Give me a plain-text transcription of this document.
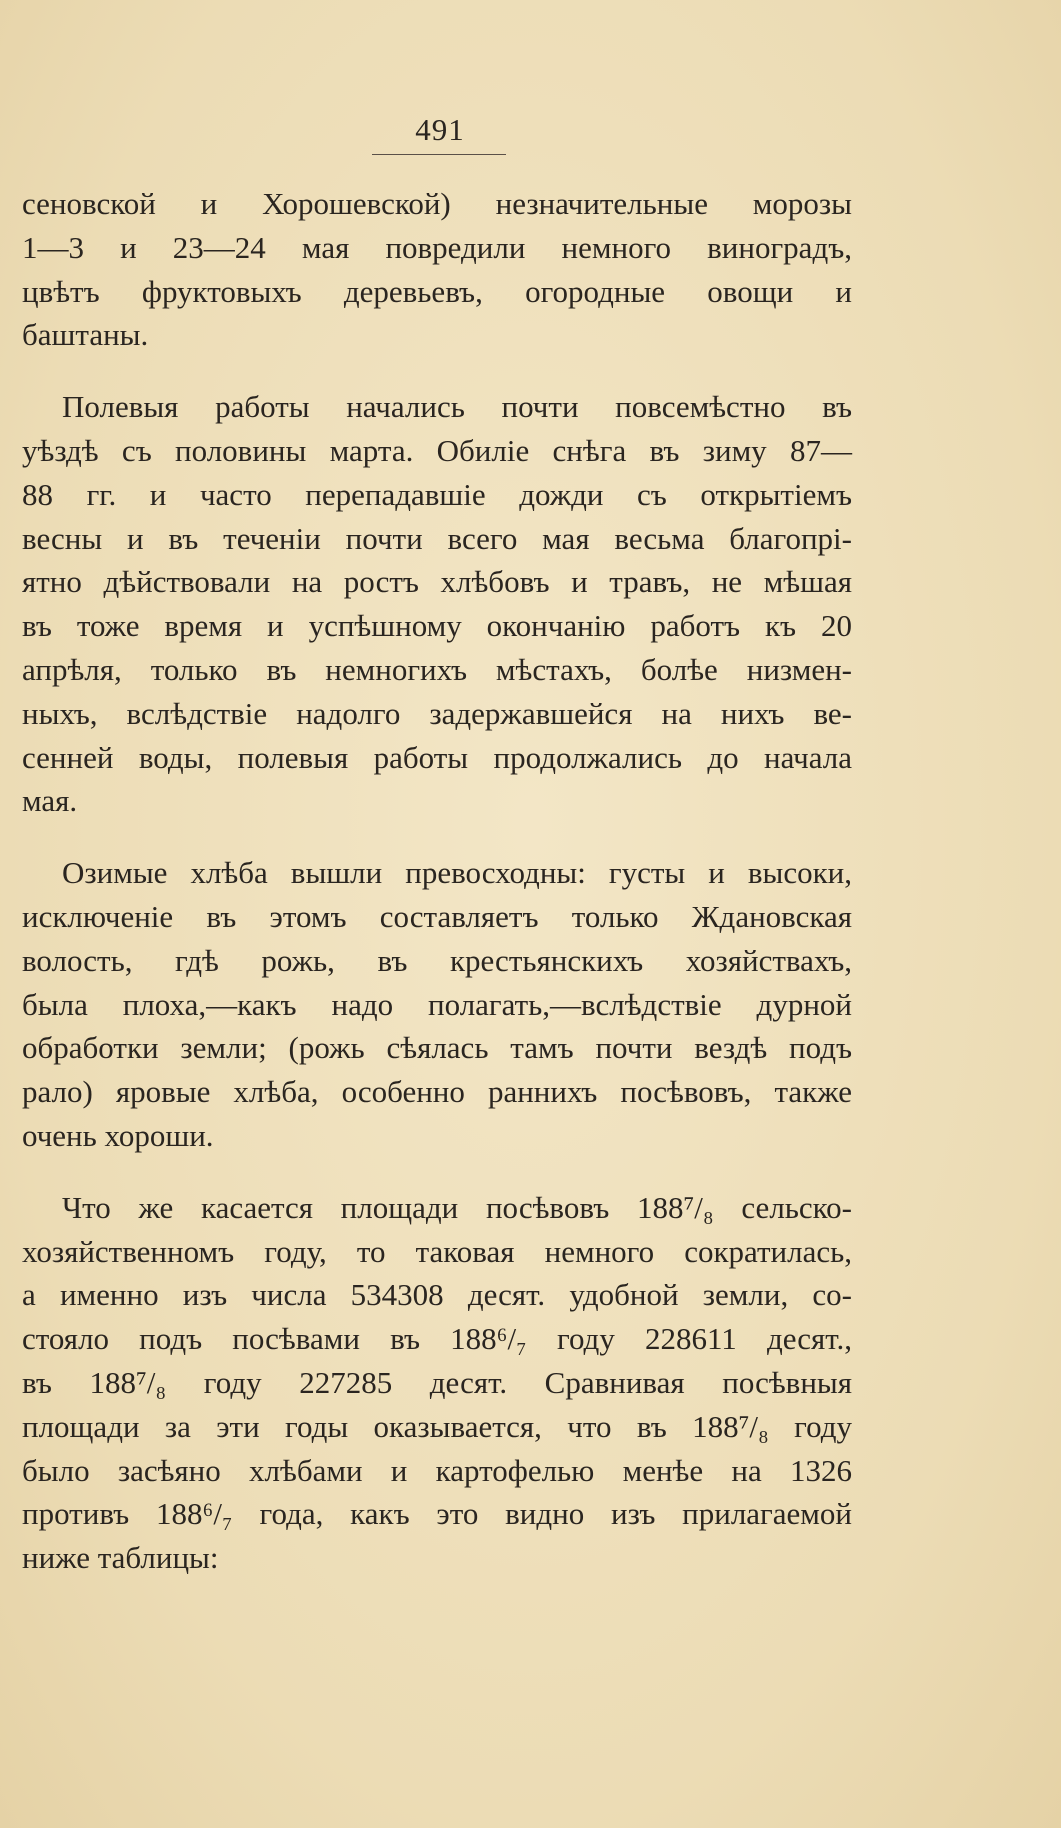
491
сеновской и Хорошевской) незначительные морозы
1—3 и 23—24 мая повредили немного виноградъ,
цвѣтъ фруктовыхъ деревьевъ, огородные овощи и
баштаны.
Полевыя работы начались почти повсемѣстно въ
уѣздѣ съ половины марта. Обиліе снѣга въ зиму 87—
88 гг. и часто перепадавшіе дожди съ открытіемъ
весны и въ теченіи почти всего мая весьма благопрі-
ятно дѣйствовали на ростъ хлѣбовъ и травъ, не мѣшая
въ тоже время и успѣшному окончанію работъ къ 20
апрѣля, только въ немногихъ мѣстахъ, болѣе низмен-
ныхъ, вслѣдствіе надолго задержавшейся на нихъ ве-
сенней воды, полевыя работы продолжались до начала
мая.
Озимые хлѣба вышли превосходны: густы и высоки,
исключеніе въ этомъ составляетъ только Ждановская
волость, гдѣ рожь, въ крестьянскихъ хозяйствахъ,
была плоха,—какъ надо полагать,—вслѣдствіе дурной
обработки земли; (рожь сѣялась тамъ почти вездѣ подъ
рало) яровые хлѣба, особенно раннихъ посѣвовъ, также
очень хороши.
Что же касается площади посѣвовъ 188⁷/₈ сельско-
хозяйственномъ году, то таковая немного сократилась,
а именно изъ числа 534308 десят. удобной земли, со-
стояло подъ посѣвами въ 188⁶/₇ году 228611 десят.,
въ 188⁷/₈ году 227285 десят. Сравнивая посѣвныя
площади за эти годы оказывается, что въ 188⁷/₈ году
было засѣяно хлѣбами и картофелью менѣе на 1326
противъ 188⁶/₇ года, какъ это видно изъ прилагаемой
ниже таблицы:
